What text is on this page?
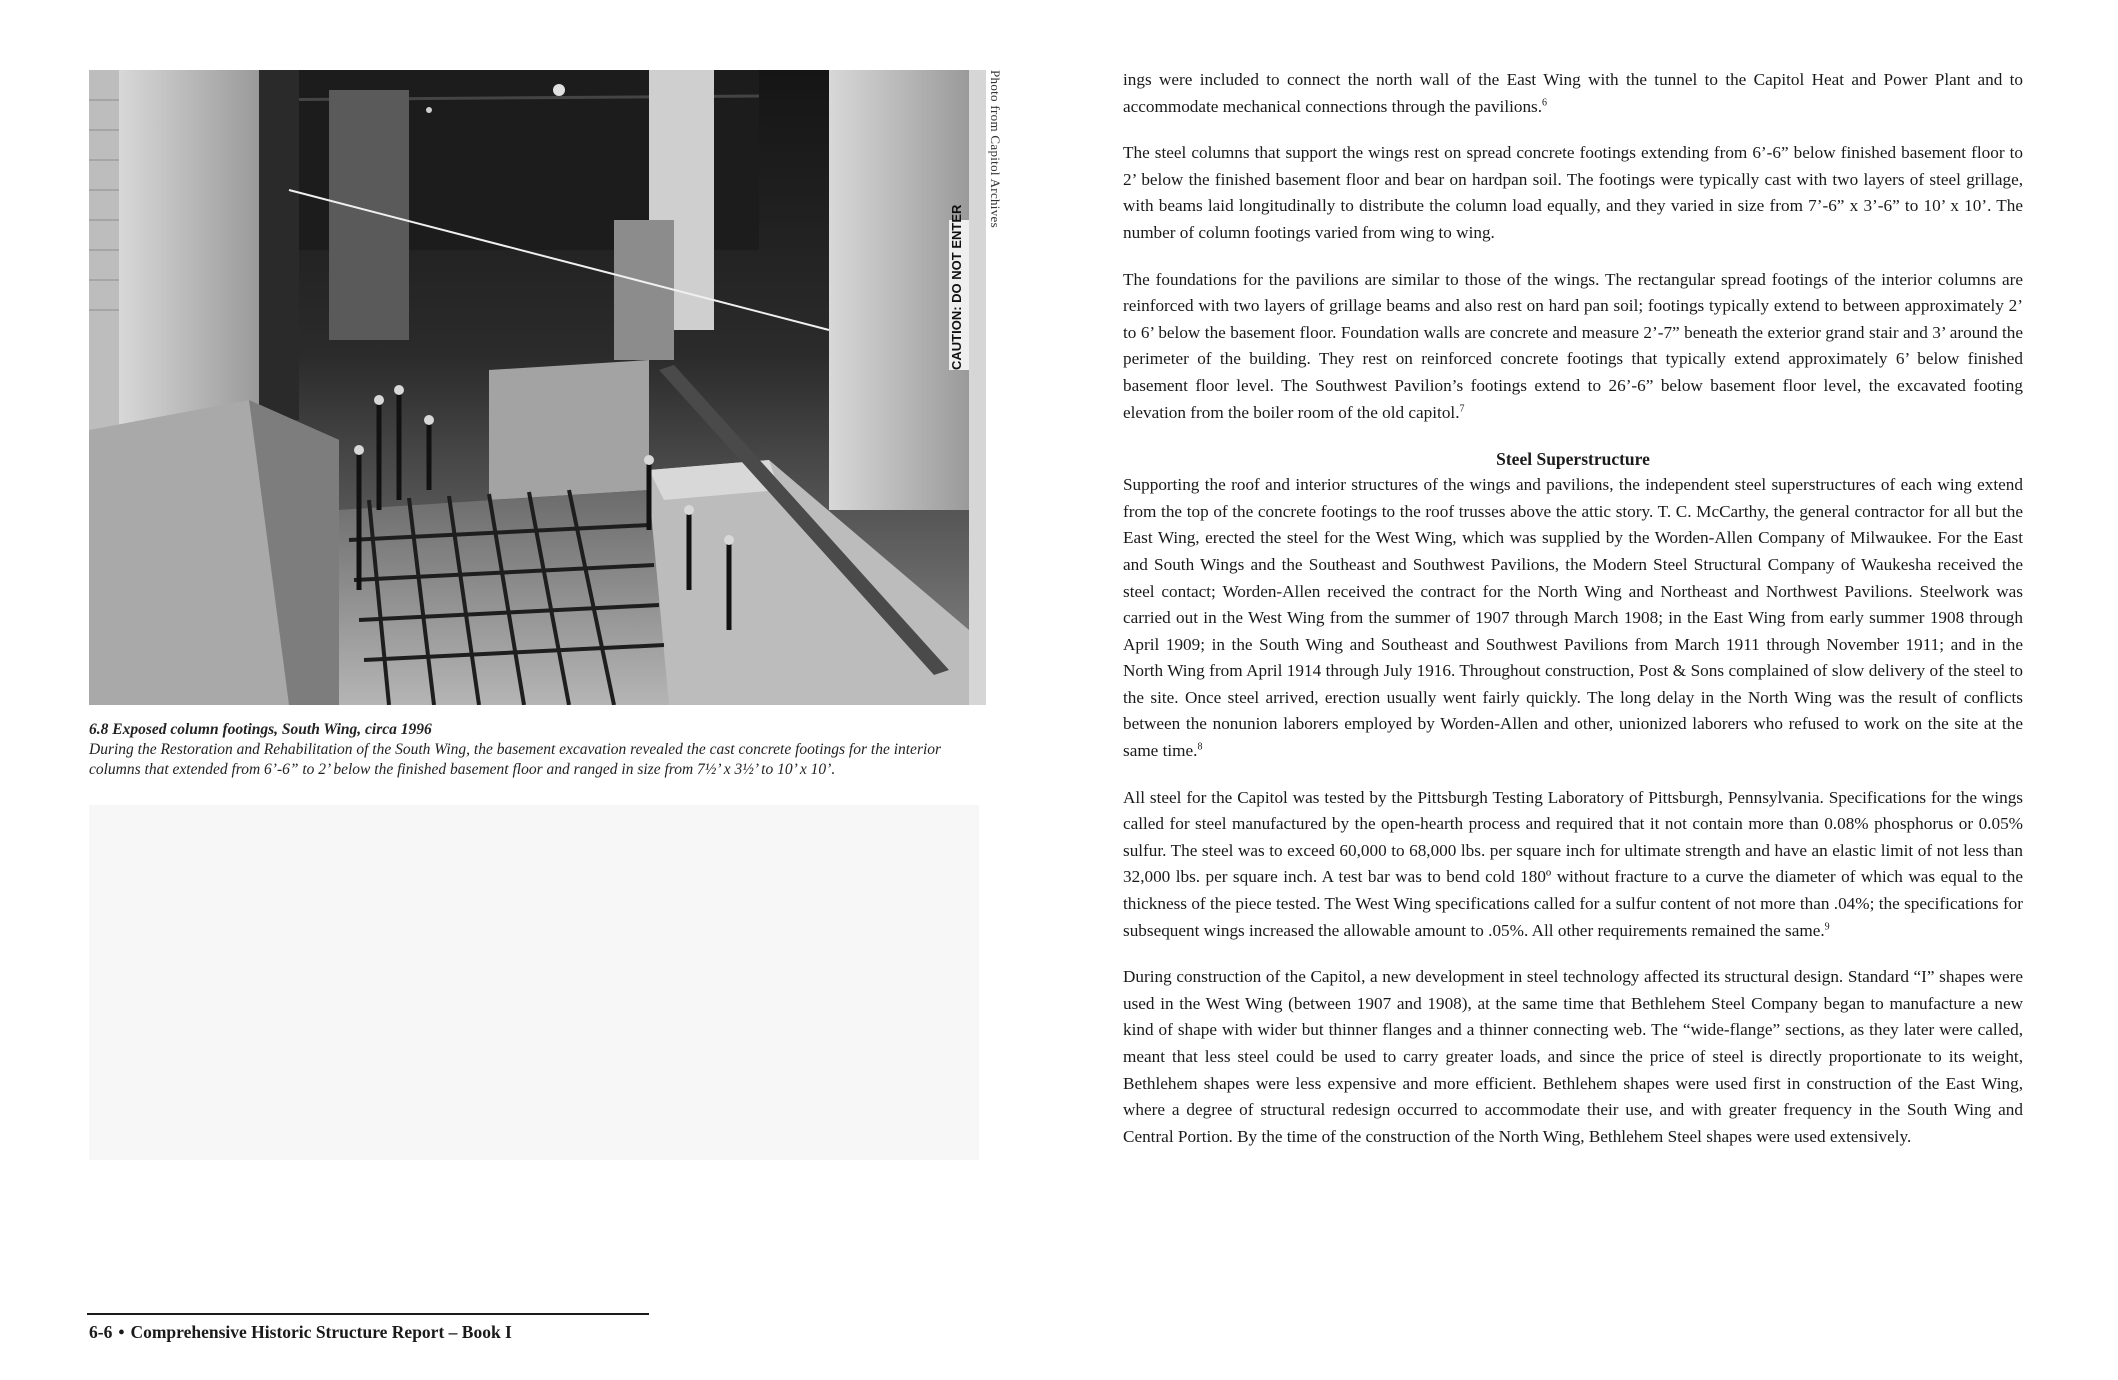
CAUTION: DO NOT ENTER
Photo from Capitol Archives
6.8 Exposed column footings, South Wing, circa 1996
During the Restoration and Rehabilitation of the South Wing, the basement excavation revealed the cast concrete footings for the interior columns that extended from 6’-6” to 2’ below the finished basement floor and ranged in size from 7½’ x 3½’ to 10’ x 10’.
6-6 • Comprehensive Historic Structure Report – Book I

ings were included to connect the north wall of the East Wing with the tunnel to the Capitol Heat and Power Plant and to accommodate mechanical connections through the pavilions.$^6$

The steel columns that support the wings rest on spread concrete footings extending from 6’-6” below finished basement floor to 2’ below the finished basement floor and bear on hardpan soil. The footings were typically cast with two layers of steel grillage, with beams laid longitudinally to distribute the column load equally, and they varied in size from 7’-6” x 3’-6” to 10’ x 10’. The number of column footings varied from wing to wing.

The foundations for the pavilions are similar to those of the wings. The rectangular spread footings of the interior columns are reinforced with two layers of grillage beams and also rest on hard pan soil; footings typically extend to between approximately 2’ to 6’ below the basement floor. Foundation walls are concrete and measure 2’-7” beneath the exterior grand stair and 3’ around the perimeter of the building. They rest on reinforced concrete footings that typically extend approximately 6’ below finished basement floor level. The Southwest Pavilion’s footings extend to 26’-6” below basement floor level, the excavated footing elevation from the boiler room of the old capitol.$^7$

Steel Superstructure

Supporting the roof and interior structures of the wings and pavilions, the independent steel superstructures of each wing extend from the top of the concrete footings to the roof trusses above the attic story. T. C. McCarthy, the general contractor for all but the East Wing, erected the steel for the West Wing, which was supplied by the Worden-Allen Company of Milwaukee. For the East and South Wings and the Southeast and Southwest Pavilions, the Modern Steel Structural Company of Waukesha received the steel contact; Worden-Allen received the contract for the North Wing and Northeast and Northwest Pavilions. Steelwork was carried out in the West Wing from the summer of 1907 through March 1908; in the East Wing from early summer 1908 through April 1909; in the South Wing and Southeast and Southwest Pavilions from March 1911 through November 1911; and in the North Wing from April 1914 through July 1916. Throughout construction, Post & Sons complained of slow delivery of the steel to the site. Once steel arrived, erection usually went fairly quickly. The long delay in the North Wing was the result of conflicts between the nonunion laborers employed by Worden-Allen and other, unionized laborers who refused to work on the site at the same time.$^8$

All steel for the Capitol was tested by the Pittsburgh Testing Laboratory of Pittsburgh, Pennsylvania. Specifications for the wings called for steel manufactured by the open-hearth process and required that it not contain more than 0.08% phosphorus or 0.05% sulfur. The steel was to exceed 60,000 to 68,000 lbs. per square inch for ultimate strength and have an elastic limit of not less than 32,000 lbs. per square inch. A test bar was to bend cold 180º without fracture to a curve the diameter of which was equal to the thickness of the piece tested. The West Wing specifications called for a sulfur content of not more than .04%; the specifications for subsequent wings increased the allowable amount to .05%. All other requirements remained the same.$^9$

During construction of the Capitol, a new development in steel technology affected its structural design. Standard “I” shapes were used in the West Wing (between 1907 and 1908), at the same time that Bethlehem Steel Company began to manufacture a new kind of shape with wider but thinner flanges and a thinner connecting web. The “wide-flange” sections, as they later were called, meant that less steel could be used to carry greater loads, and since the price of steel is directly proportionate to its weight, Bethlehem shapes were less expensive and more efficient. Bethlehem shapes were used first in construction of the East Wing, where a degree of structural redesign occurred to accommodate their use, and with greater frequency in the South Wing and Central Portion. By the time of the construction of the North Wing, Bethlehem Steel shapes were used extensively.
